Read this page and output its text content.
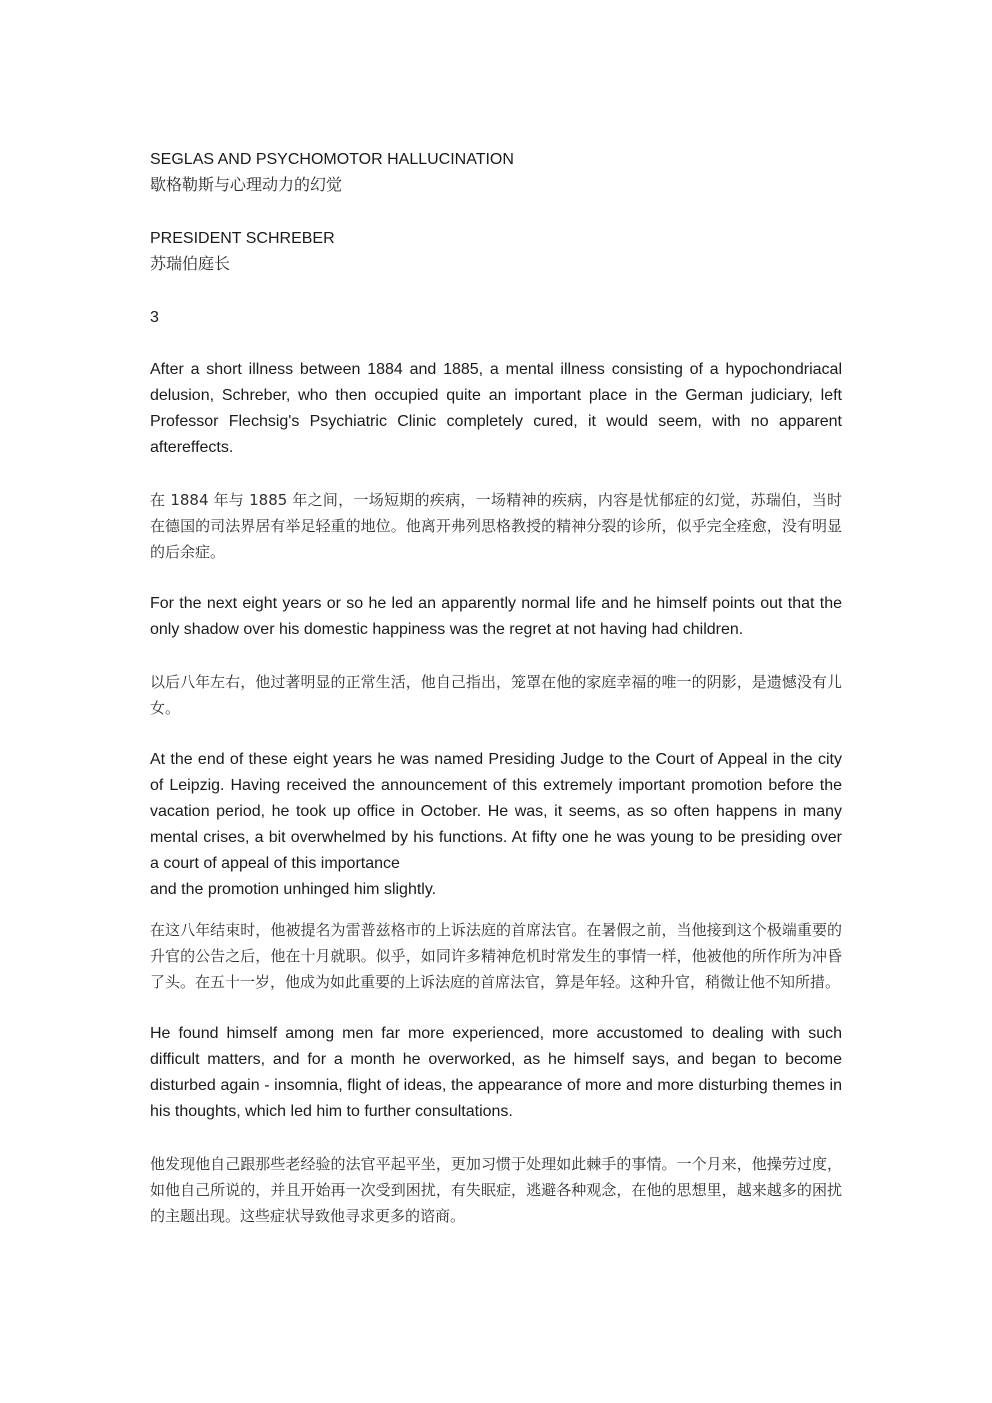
SEGLAS AND PSYCHOMOTOR HALLUCINATION

歇格勒斯与心理动力的幻觉

PRESIDENT SCHREBER

苏瑞伯庭长

3

After a short illness between 1884 and 1885, a mental illness consisting of a hypochondriacal delusion, Schreber, who then occupied quite an important place in the German judiciary, left Professor Flechsig's Psychiatric Clinic completely cured, it would seem, with no apparent aftereffects.

在 1884 年与 1885 年之间，一场短期的疾病，一场精神的疾病，内容是忧郁症的幻觉，苏瑞伯，当时在德国的司法界居有举足轻重的地位。他离开弗列思格教授的精神分裂的诊所，似乎完全痊愈，没有明显的后余症。

For the next eight years or so he led an apparently normal life and he himself points out that the only shadow over his domestic happiness was the regret at not having had children.

以后八年左右，他过著明显的正常生活，他自己指出，笼罩在他的家庭幸福的唯一的阴影，是遗憾没有儿女。

At the end of these eight years he was named Presiding Judge to the Court of Appeal in the city of Leipzig. Having received the announcement of this extremely important promotion before the vacation period, he took up office in October. He was, it seems, as so often happens in many mental crises, a bit overwhelmed by his functions. At fifty one he was young to be presiding over a court of appeal of this importance
and the promotion unhinged him slightly.

在这八年结束时，他被提名为雷普兹格市的上诉法庭的首席法官。在暑假之前，当他接到这个极端重要的升官的公告之后，他在十月就职。似乎，如同许多精神危机时常发生的事情一样，他被他的所作所为冲昏了头。在五十一岁，他成为如此重要的上诉法庭的首席法官，算是年轻。这种升官，稍微让他不知所措。

He found himself among men far more experienced, more accustomed to dealing with such difficult matters, and for a month he overworked, as he himself says, and began to become disturbed again - insomnia, flight of ideas, the appearance of more and more disturbing themes in his thoughts, which led him to further consultations.

他发现他自己跟那些老经验的法官平起平坐，更加习惯于处理如此棘手的事情。一个月来，他操劳过度，如他自己所说的，并且开始再一次受到困扰，有失眠症，逃避各种观念，在他的思想里，越来越多的困扰的主题出现。这些症状导致他寻求更多的谘商。
